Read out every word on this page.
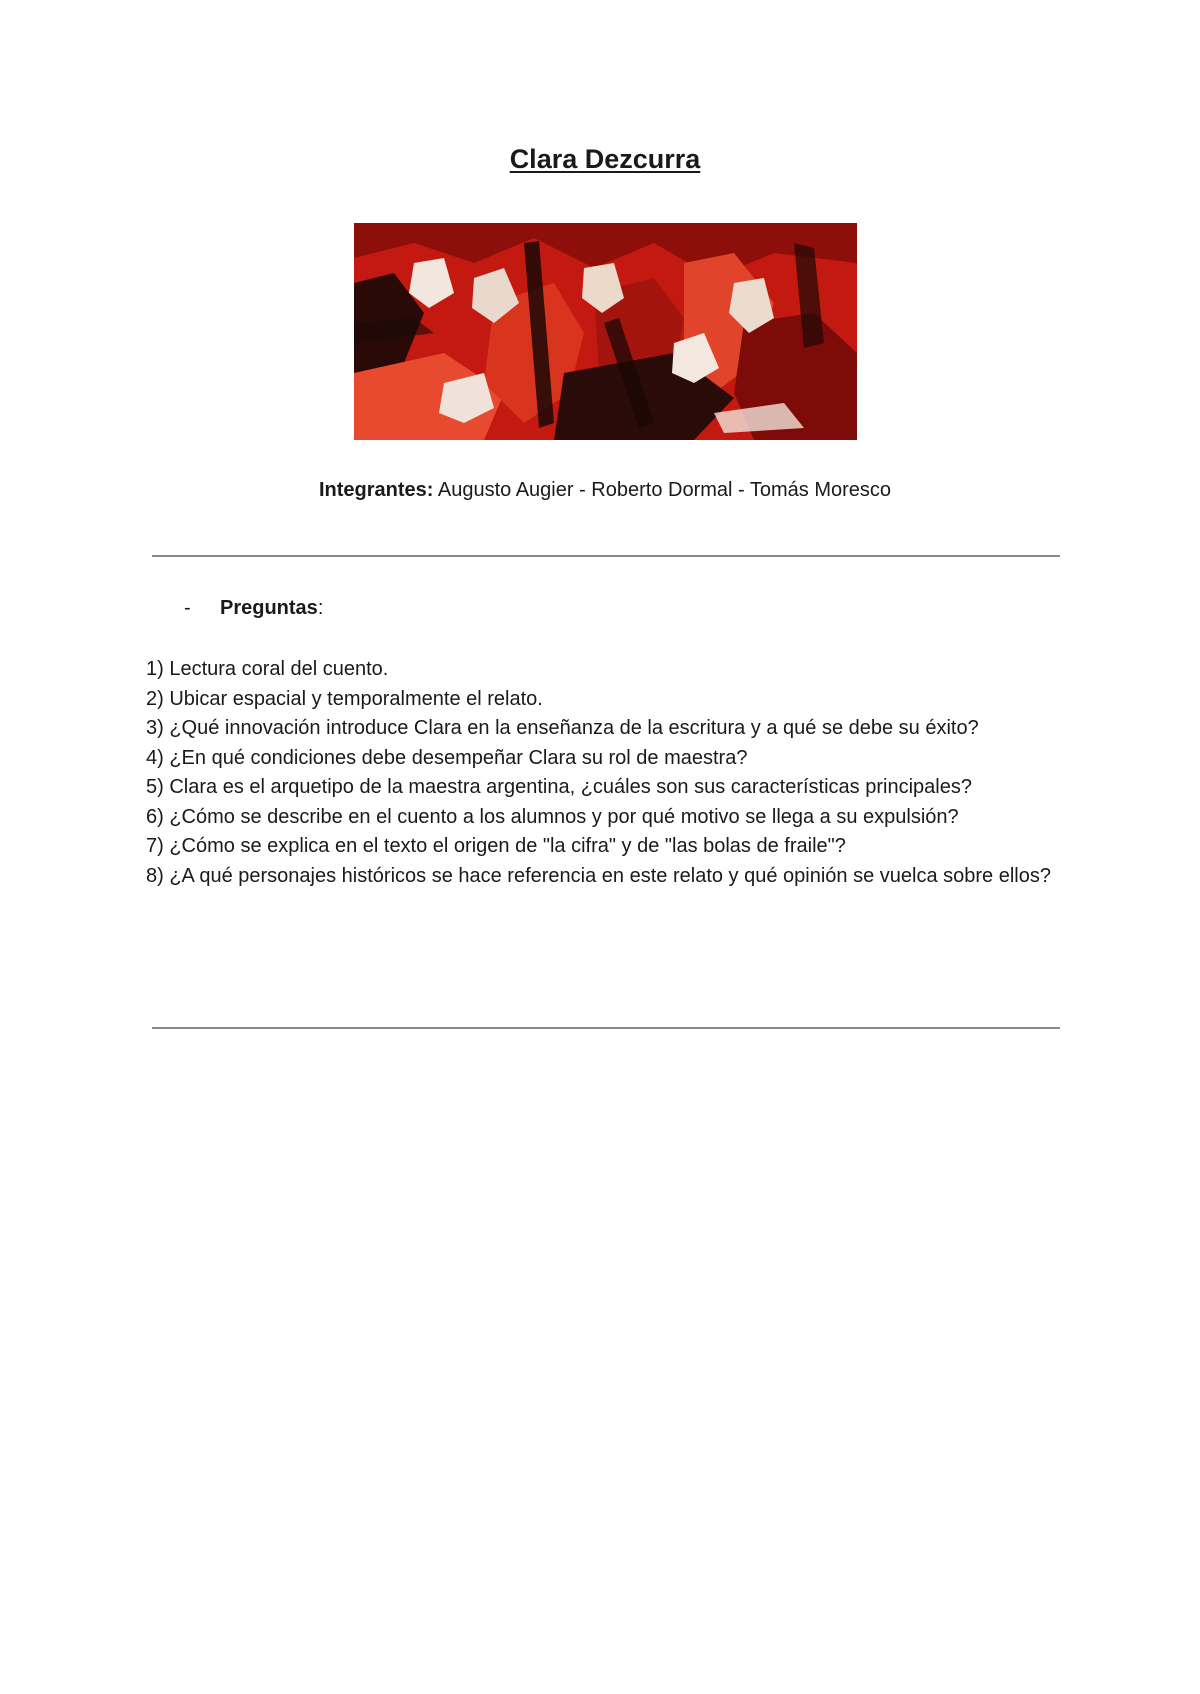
Clara Dezcurra
Integrantes: Augusto Augier - Roberto Dormal - Tomás Moresco
- Preguntas:
1) Lectura coral del cuento.
2) Ubicar espacial y temporalmente el relato.
3) ¿Qué innovación introduce Clara en la enseñanza de la escritura y a qué se debe su éxito?
4) ¿En qué condiciones debe desempeñar Clara su rol de maestra?
5) Clara es el arquetipo de la maestra argentina, ¿cuáles son sus características principales?
6) ¿Cómo se describe en el cuento a los alumnos y por qué motivo se llega a su expulsión?
7) ¿Cómo se explica en el texto el origen de "la cifra" y de "las bolas de fraile"?
8) ¿A qué personajes históricos se hace referencia en este relato y qué opinión se vuelca sobre ellos?
